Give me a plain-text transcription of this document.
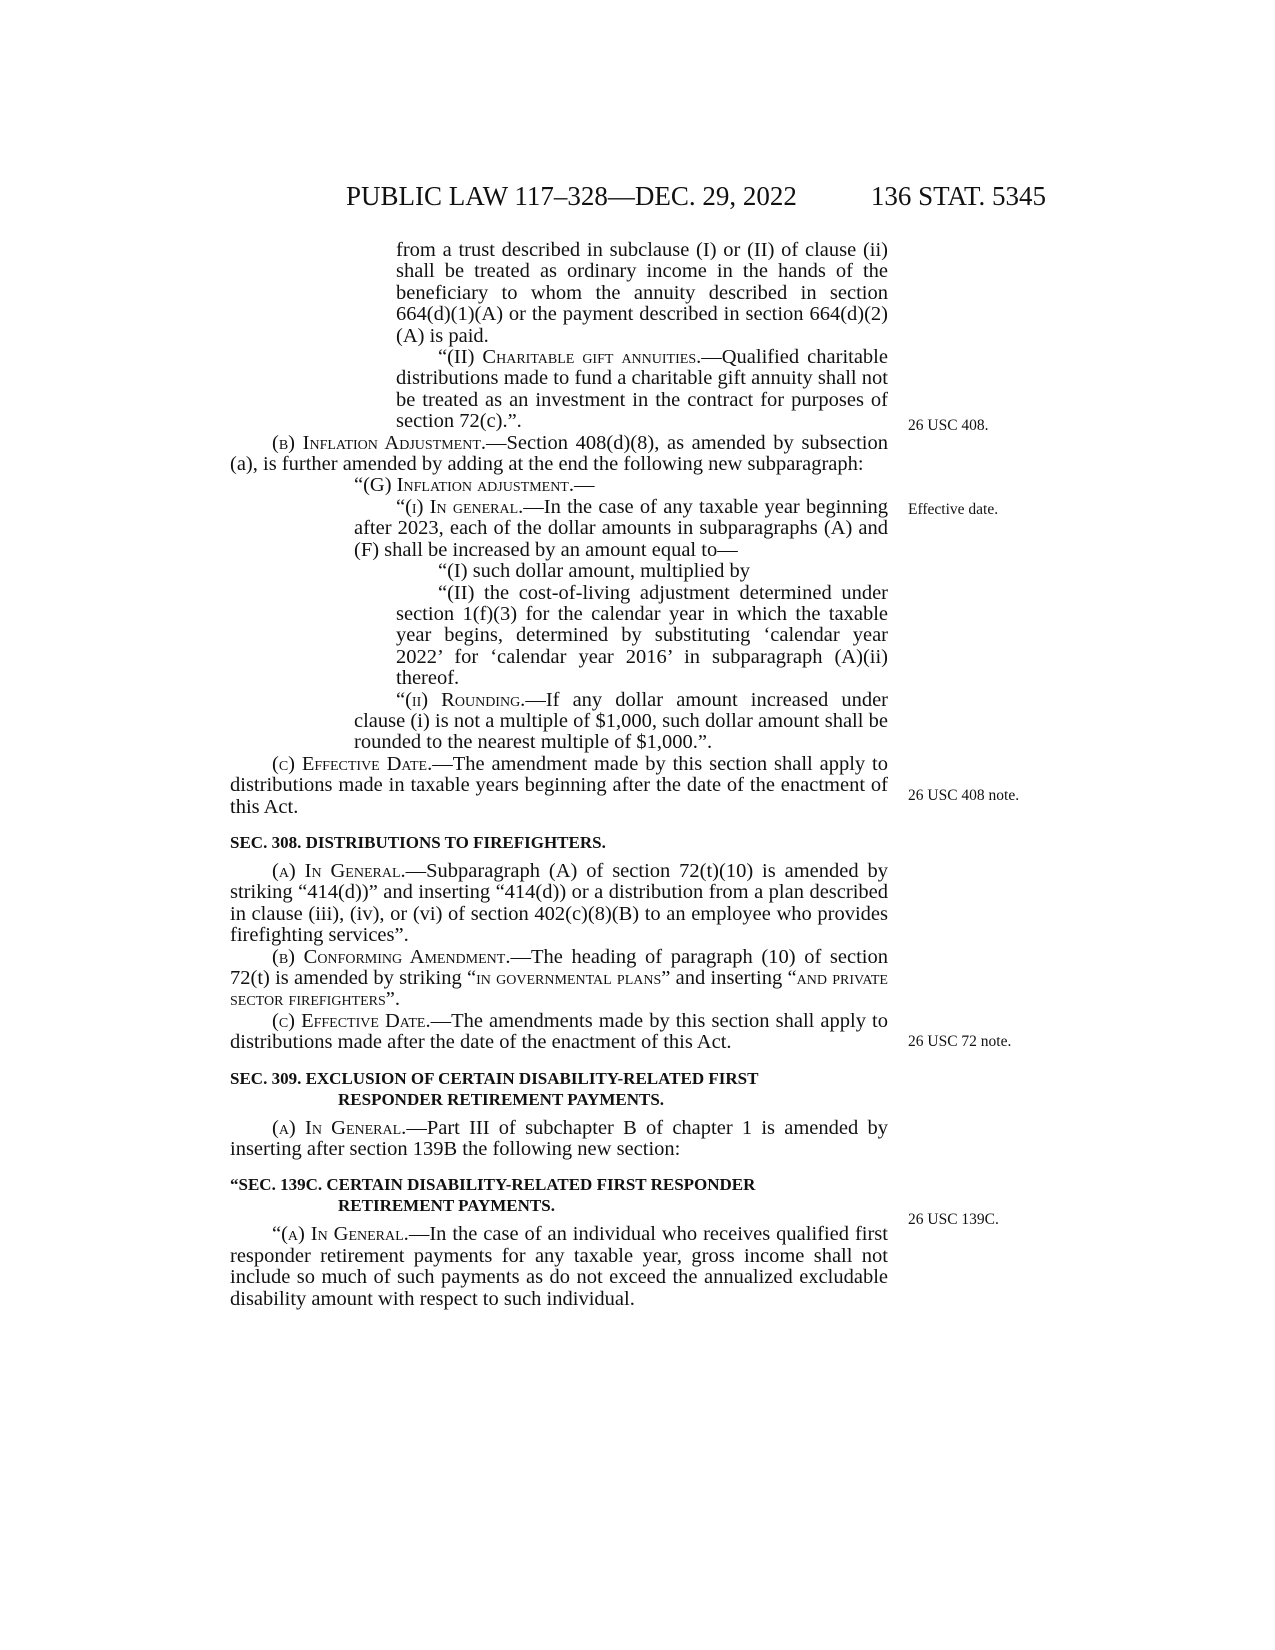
PUBLIC LAW 117–328—DEC. 29, 2022	136 STAT. 5345

from a trust described in subclause (I) or (II) of clause (ii) shall be treated as ordinary income in the hands of the beneficiary to whom the annuity described in section 664(d)(1)(A) or the payment described in section 664(d)(2)(A) is paid.

“(II) Charitable gift annuities.—Qualified charitable distributions made to fund a charitable gift annuity shall not be treated as an investment in the contract for purposes of section 72(c).”.

(b) Inflation Adjustment.—Section 408(d)(8), as amended by subsection (a), is further amended by adding at the end the following new subparagraph:

“(G) Inflation adjustment.—

“(i) In general.—In the case of any taxable year beginning after 2023, each of the dollar amounts in subparagraphs (A) and (F) shall be increased by an amount equal to—

“(I) such dollar amount, multiplied by

“(II) the cost-of-living adjustment determined under section 1(f)(3) for the calendar year in which the taxable year begins, determined by substituting ‘calendar year 2022’ for ‘calendar year 2016’ in subparagraph (A)(ii) thereof.

“(ii) Rounding.—If any dollar amount increased under clause (i) is not a multiple of $1,000, such dollar amount shall be rounded to the nearest multiple of $1,000.”.

(c) Effective Date.—The amendment made by this section shall apply to distributions made in taxable years beginning after the date of the enactment of this Act.

SEC. 308. DISTRIBUTIONS TO FIREFIGHTERS.

(a) In General.—Subparagraph (A) of section 72(t)(10) is amended by striking “414(d))” and inserting “414(d)) or a distribution from a plan described in clause (iii), (iv), or (vi) of section 402(c)(8)(B) to an employee who provides firefighting services”.

(b) Conforming Amendment.—The heading of paragraph (10) of section 72(t) is amended by striking “in governmental plans” and inserting “and private sector firefighters”.

(c) Effective Date.—The amendments made by this section shall apply to distributions made after the date of the enactment of this Act.

SEC. 309. EXCLUSION OF CERTAIN DISABILITY-RELATED FIRST
RESPONDER RETIREMENT PAYMENTS.

(a) In General.—Part III of subchapter B of chapter 1 is amended by inserting after section 139B the following new section:

“SEC. 139C. CERTAIN DISABILITY-RELATED FIRST RESPONDER
RETIREMENT PAYMENTS.

“(a) In General.—In the case of an individual who receives qualified first responder retirement payments for any taxable year, gross income shall not include so much of such payments as do not exceed the annualized excludable disability amount with respect to such individual.

26 USC 408.
Effective date.
26 USC 408 note.
26 USC 72 note.
26 USC 139C.
